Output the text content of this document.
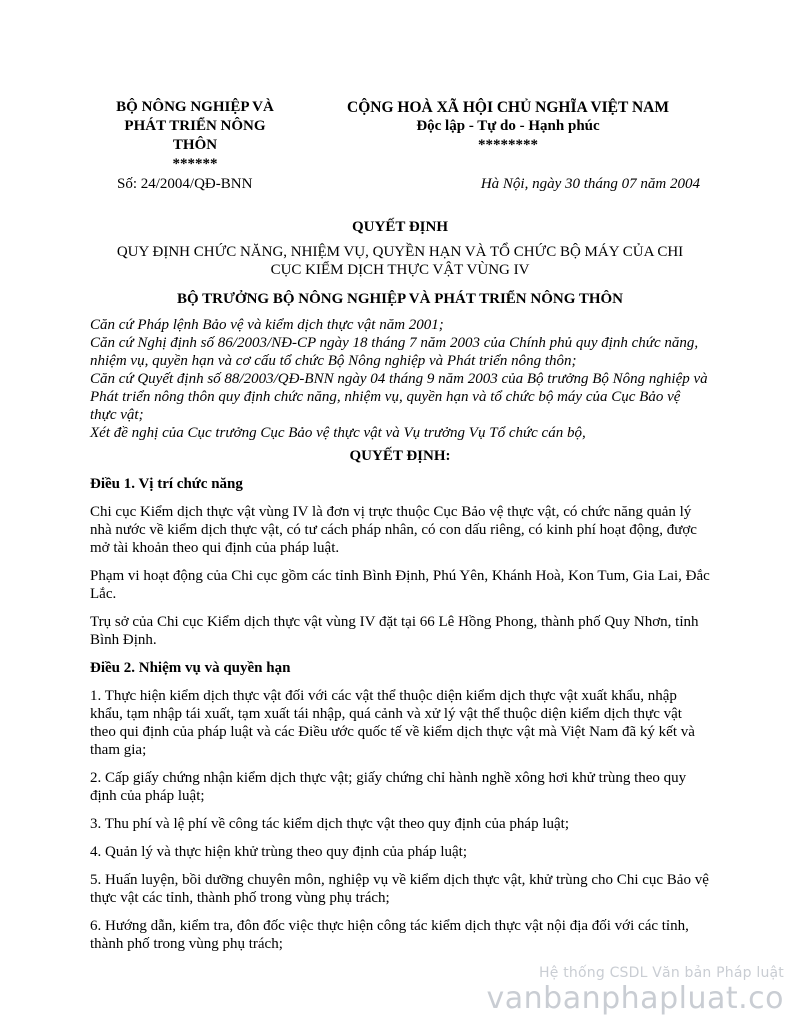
BỘ NÔNG NGHIỆP VÀ
PHÁT TRIỂN NÔNG
THÔN
******
CỘNG HOÀ XÃ HỘI CHỦ NGHĨA VIỆT NAM
Độc lập - Tự do - Hạnh phúc
********
Số: 24/2004/QĐ-BNN	Hà Nội, ngày 30 tháng 07 năm 2004
QUYẾT ĐỊNH
QUY ĐỊNH CHỨC NĂNG, NHIỆM VỤ, QUYỀN HẠN VÀ TỔ CHỨC BỘ MÁY CỦA CHI
CỤC KIỂM DỊCH THỰC VẬT VÙNG IV
BỘ TRƯỞNG BỘ NÔNG NGHIỆP VÀ PHÁT TRIỂN NÔNG THÔN
Căn cứ Pháp lệnh Bảo vệ và kiểm dịch thực vật năm 2001;
Căn cứ Nghị định số 86/2003/NĐ-CP ngày 18 tháng 7 năm 2003 của Chính phủ quy định chức năng, nhiệm vụ, quyền hạn và cơ cấu tổ chức Bộ Nông nghiệp và Phát triển nông thôn;
Căn cứ Quyết định số 88/2003/QĐ-BNN ngày 04 tháng 9 năm 2003 của Bộ trưởng Bộ Nông nghiệp và Phát triển nông thôn quy định chức năng, nhiệm vụ, quyền hạn và tổ chức bộ máy của Cục Bảo vệ thực vật;
Xét đề nghị của Cục trưởng Cục Bảo vệ thực vật và Vụ trưởng Vụ Tổ chức cán bộ,
QUYẾT ĐỊNH:
Điều 1. Vị trí chức năng
Chi cục Kiểm dịch thực vật vùng IV là đơn vị trực thuộc Cục Bảo vệ thực vật, có chức năng quản lý nhà nước về kiểm dịch thực vật, có tư cách pháp nhân, có con dấu riêng, có kinh phí hoạt động, được mở tài khoản theo qui định của pháp luật.
Phạm vi hoạt động của Chi cục gồm các tỉnh Bình Định, Phú Yên, Khánh Hoà, Kon Tum, Gia Lai, Đắc Lắc.
Trụ sở của Chi cục Kiểm dịch thực vật vùng IV đặt tại 66 Lê Hồng Phong, thành phố Quy Nhơn, tỉnh Bình Định.
Điều 2. Nhiệm vụ và quyền hạn
1. Thực hiện kiểm dịch thực vật đối với các vật thể thuộc diện kiểm dịch thực vật xuất khẩu, nhập khẩu, tạm nhập tái xuất, tạm xuất tái nhập, quá cảnh và xử lý vật thể thuộc diện kiểm dịch thực vật theo qui định của pháp luật và các Điều ước quốc tế về kiểm dịch thực vật mà Việt Nam đã ký kết và tham gia;
2. Cấp giấy chứng nhận kiểm dịch thực vật; giấy chứng chỉ hành nghề xông hơi khử trùng theo quy định của pháp luật;
3. Thu phí và lệ phí về công tác kiểm dịch thực vật theo quy định của pháp luật;
4. Quản lý và thực hiện khử trùng theo quy định của pháp luật;
5. Huấn luyện, bồi dưỡng chuyên môn, nghiệp vụ về kiểm dịch thực vật, khử trùng cho Chi cục Bảo vệ thực vật các tỉnh, thành phố trong vùng phụ trách;
6. Hướng dẫn, kiểm tra, đôn đốc việc thực hiện công tác kiểm dịch thực vật nội địa đối với các tỉnh, thành phố trong vùng phụ trách;
Hệ thống CSDL Văn bản Pháp luật
vanbanphapluat.co
